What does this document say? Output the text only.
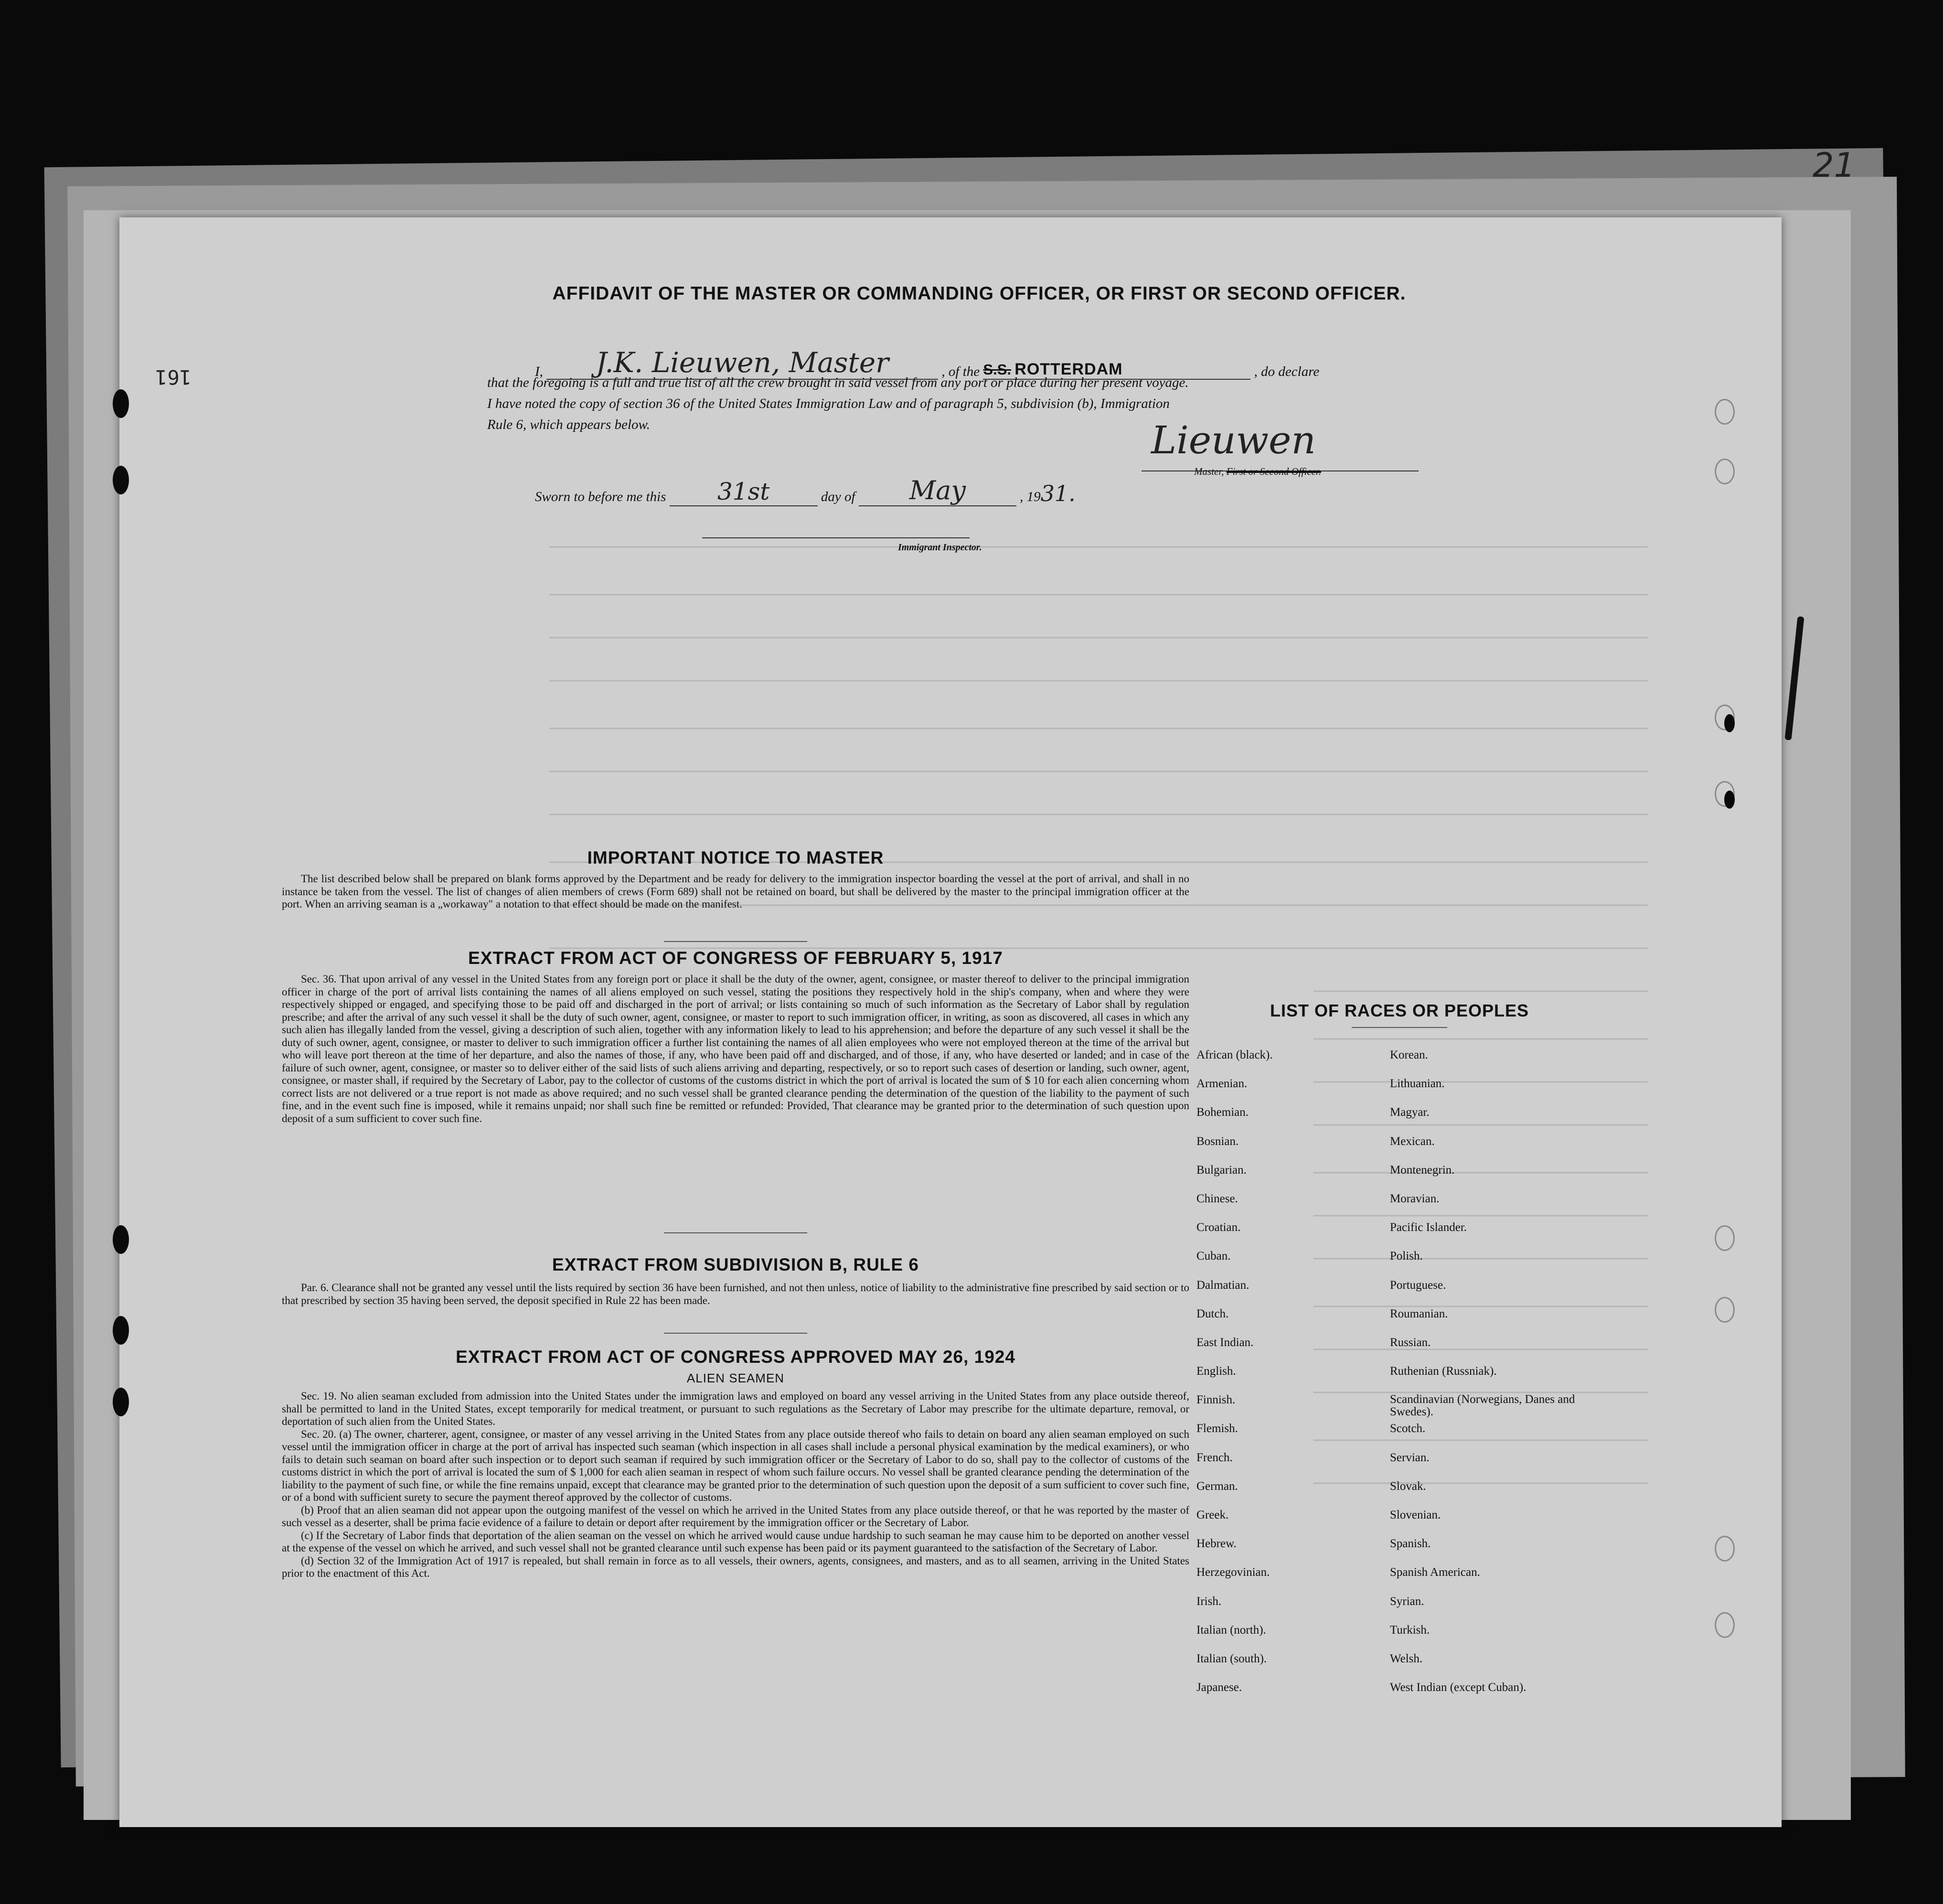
21
161
AFFIDAVIT OF THE MASTER OR COMMANDING OFFICER, OR FIRST OR SECOND OFFICER.
I, J.K. Lieuwen, Master	, of the S.S. ROTTERDAM	, do declare
that the foregoing is a full and true list of all the crew brought in said vessel from any port or place during her present voyage.
I have noted the copy of section 36 of the United States Immigration Law and of paragraph 5, subdivision (b), Immigration
Rule 6, which appears below.	Lieuwen
Master, First or Second Officer.
Sworn to before me this 31st	day of May	, 1931.
Immigrant Inspector.
IMPORTANT NOTICE TO MASTER

The list described below shall be prepared on blank forms approved by the Department and be ready for delivery to the immigration inspector boarding the vessel at the port of arrival, and shall in no instance be taken from the vessel. The list of changes of alien members of crews (Form 689) shall not be retained on board, but shall be delivered by the master to the principal immigration officer at the port. When an arriving seaman is a „workaway" a notation to that effect should be made on the manifest.

EXTRACT FROM ACT OF CONGRESS OF FEBRUARY 5, 1917

Sec. 36. That upon arrival of any vessel in the United States from any foreign port or place it shall be the duty of the owner, agent, consignee, or master thereof to deliver to the principal immigration officer in charge of the port of arrival lists containing the names of all aliens employed on such vessel, stating the positions they respectively hold in the ship's company, when and where they were respectively shipped or engaged, and specifying those to be paid off and discharged in the port of arrival; or lists containing so much of such information as the Secretary of Labor shall by regulation prescribe; and after the arrival of any such vessel it shall be the duty of such owner, agent, consignee, or master to report to such immigration officer, in writing, as soon as discovered, all cases in which any such alien has illegally landed from the vessel, giving a description of such alien, together with any information likely to lead to his apprehension; and before the departure of any such vessel it shall be the duty of such owner, agent, consignee, or master to deliver to such immigration officer a further list containing the names of all alien employees who were not employed thereon at the time of the arrival but who will leave port thereon at the time of her departure, and also the names of those, if any, who have been paid off and discharged, and of those, if any, who have deserted or landed; and in case of the failure of such owner, agent, consignee, or master so to deliver either of the said lists of such aliens arriving and departing, respectively, or so to report such cases of desertion or landing, such owner, agent, consignee, or master shall, if required by the Secretary of Labor, pay to the collector of customs of the customs district in which the port of arrival is located the sum of $ 10 for each alien concerning whom correct lists are not delivered or a true report is not made as above required; and no such vessel shall be granted clearance pending the determination of the question of the liability to the payment of such fine, and in the event such fine is imposed, while it remains unpaid; nor shall such fine be remitted or refunded: Provided, That clearance may be granted prior to the determination of such question upon deposit of a sum sufficient to cover such fine.

EXTRACT FROM SUBDIVISION B, RULE 6

Par. 6. Clearance shall not be granted any vessel until the lists required by section 36 have been furnished, and not then unless, notice of liability to the administrative fine prescribed by said section or to that prescribed by section 35 having been served, the deposit specified in Rule 22 has been made.

EXTRACT FROM ACT OF CONGRESS APPROVED MAY 26, 1924
ALIEN SEAMEN

Sec. 19. No alien seaman excluded from admission into the United States under the immigration laws and employed on board any vessel arriving in the United States from any place outside thereof, shall be permitted to land in the United States, except temporarily for medical treatment, or pursuant to such regulations as the Secretary of Labor may prescribe for the ultimate departure, removal, or deportation of such alien from the United States.

Sec. 20. (a) The owner, charterer, agent, consignee, or master of any vessel arriving in the United States from any place outside thereof who fails to detain on board any alien seaman employed on such vessel until the immigration officer in charge at the port of arrival has inspected such seaman (which inspection in all cases shall include a personal physical examination by the medical examiners), or who fails to detain such seaman on board after such inspection or to deport such seaman if required by such immigration officer or the Secretary of Labor to do so, shall pay to the collector of customs of the customs district in which the port of arrival is located the sum of $ 1,000 for each alien seaman in respect of whom such failure occurs. No vessel shall be granted clearance pending the determination of the liability to the payment of such fine, or while the fine remains unpaid, except that clearance may be granted prior to the determination of such question upon the deposit of a sum sufficient to cover such fine, or of a bond with sufficient surety to secure the payment thereof approved by the collector of customs.

(b) Proof that an alien seaman did not appear upon the outgoing manifest of the vessel on which he arrived in the United States from any place outside thereof, or that he was reported by the master of such vessel as a deserter, shall be prima facie evidence of a failure to detain or deport after requirement by the immigration officer or the Secretary of Labor.

(c) If the Secretary of Labor finds that deportation of the alien seaman on the vessel on which he arrived would cause undue hardship to such seaman he may cause him to be deported on another vessel at the expense of the vessel on which he arrived, and such vessel shall not be granted clearance until such expense has been paid or its payment guaranteed to the satisfaction of the Secretary of Labor.

(d) Section 32 of the Immigration Act of 1917 is repealed, but shall remain in force as to all vessels, their owners, agents, consignees, and masters, and as to all seamen, arriving in the United States prior to the enactment of this Act.

LIST OF RACES OR PEOPLES
African (black).
Armenian.
Bohemian.
Bosnian.
Bulgarian.
Chinese.
Croatian.
Cuban.
Dalmatian.
Dutch.
East Indian.
English.
Finnish.
Flemish.
French.
German.
Greek.
Hebrew.
Herzegovinian.
Irish.
Italian (north).
Italian (south).
Japanese.
Korean.
Lithuanian.
Magyar.
Mexican.
Montenegrin.
Moravian.
Pacific Islander.
Polish.
Portuguese.
Roumanian.
Russian.
Ruthenian (Russniak).
Scandinavian (Norwegians, Danes and Swedes).
Scotch.
Servian.
Slovak.
Slovenian.
Spanish.
Spanish American.
Syrian.
Turkish.
Welsh.
West Indian (except Cuban).
